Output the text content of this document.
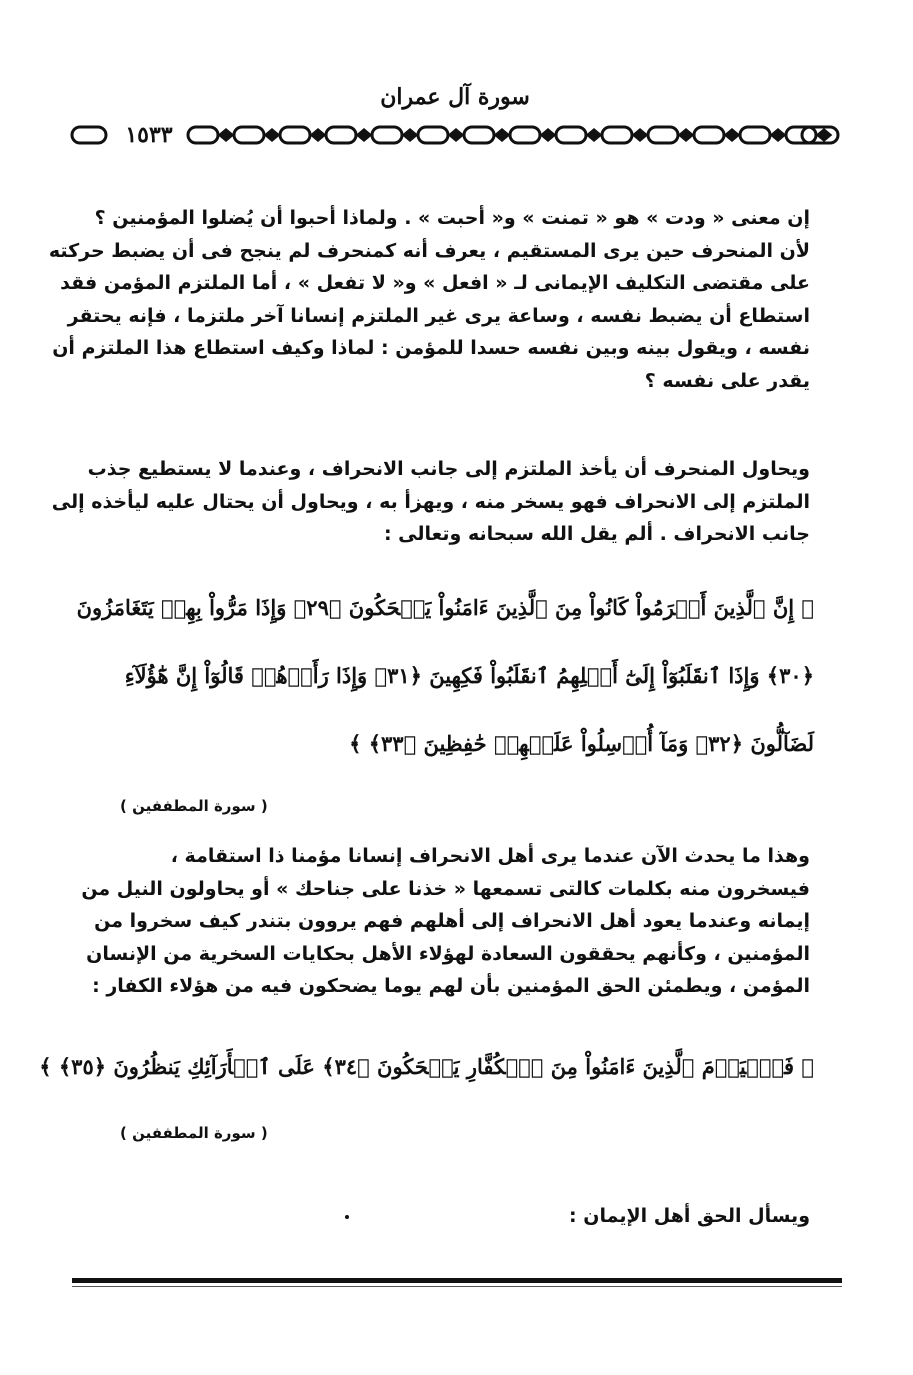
سورة آل عمران
١٥٣٣

إن معنى « ودت » هو « تمنت » و« أحبت » . ولماذا أحبوا أن يُضلوا المؤمنين ؟
لأن المنحرف حين يرى المستقيم ، يعرف أنه كمنحرف لم ينجح فى أن يضبط حركته
على مقتضى التكليف الإيمانى لـ « افعل » و« لا تفعل » ، أما الملتزم المؤمن فقد
استطاع أن يضبط نفسه ، وساعة يرى غير الملتزم إنسانا آخر ملتزما ، فإنه يحتقر
نفسه ، ويقول بينه وبين نفسه حسدا للمؤمن : لماذا وكيف استطاع هذا الملتزم أن
يقدر على نفسه ؟

ويحاول المنحرف أن يأخذ الملتزم إلى جانب الانحراف ، وعندما لا يستطيع جذب
الملتزم إلى الانحراف فهو يسخر منه ، ويهزأ به ، ويحاول أن يحتال عليه ليأخذه إلى
جانب الانحراف . ألم يقل الله سبحانه وتعالى :

﴿ إِنَّ ٱلَّذِينَ أَجۡرَمُواْ كَانُواْ مِنَ ٱلَّذِينَ ءَامَنُواْ يَضۡحَكُونَ ﴿٢٩﴾ وَإِذَا مَرُّواْ بِهِمۡ يَتَغَامَزُونَ
﴿٣٠﴾ وَإِذَا ٱنقَلَبُوٓاْ إِلَىٰٓ أَهۡلِهِمُ ٱنقَلَبُواْ فَكِهِينَ ﴿٣١﴾ وَإِذَا رَأَوۡهُمۡ قَالُوٓاْ إِنَّ هَٰٓؤُلَآءِ
لَضَآلُّونَ ﴿٣٢﴾ وَمَآ أُرۡسِلُواْ عَلَيۡهِمۡ حَٰفِظِينَ ﴿٣٣﴾ ﴾
( سورة المطففين )

وهذا ما يحدث الآن عندما يرى أهل الانحراف إنسانا مؤمنا ذا استقامة ،
فيسخرون منه بكلمات كالتى تسمعها « خذنا على جناحك » أو يحاولون النيل من
إيمانه وعندما يعود أهل الانحراف إلى أهلهم فهم يروون بتندر كيف سخروا من
المؤمنين ، وكأنهم يحققون السعادة لهؤلاء الأهل بحكايات السخرية من الإنسان
المؤمن ، ويطمئن الحق المؤمنين بأن لهم يوما يضحكون فيه من هؤلاء الكفار :

﴿ فَٱلۡيَوۡمَ ٱلَّذِينَ ءَامَنُواْ مِنَ ٱلۡكُفَّارِ يَضۡحَكُونَ ﴿٣٤﴾ عَلَى ٱلۡأَرَآئِكِ يَنظُرُونَ ﴿٣٥﴾ ﴾
( سورة المطففين )

ويسأل الحق أهل الإيمان :
